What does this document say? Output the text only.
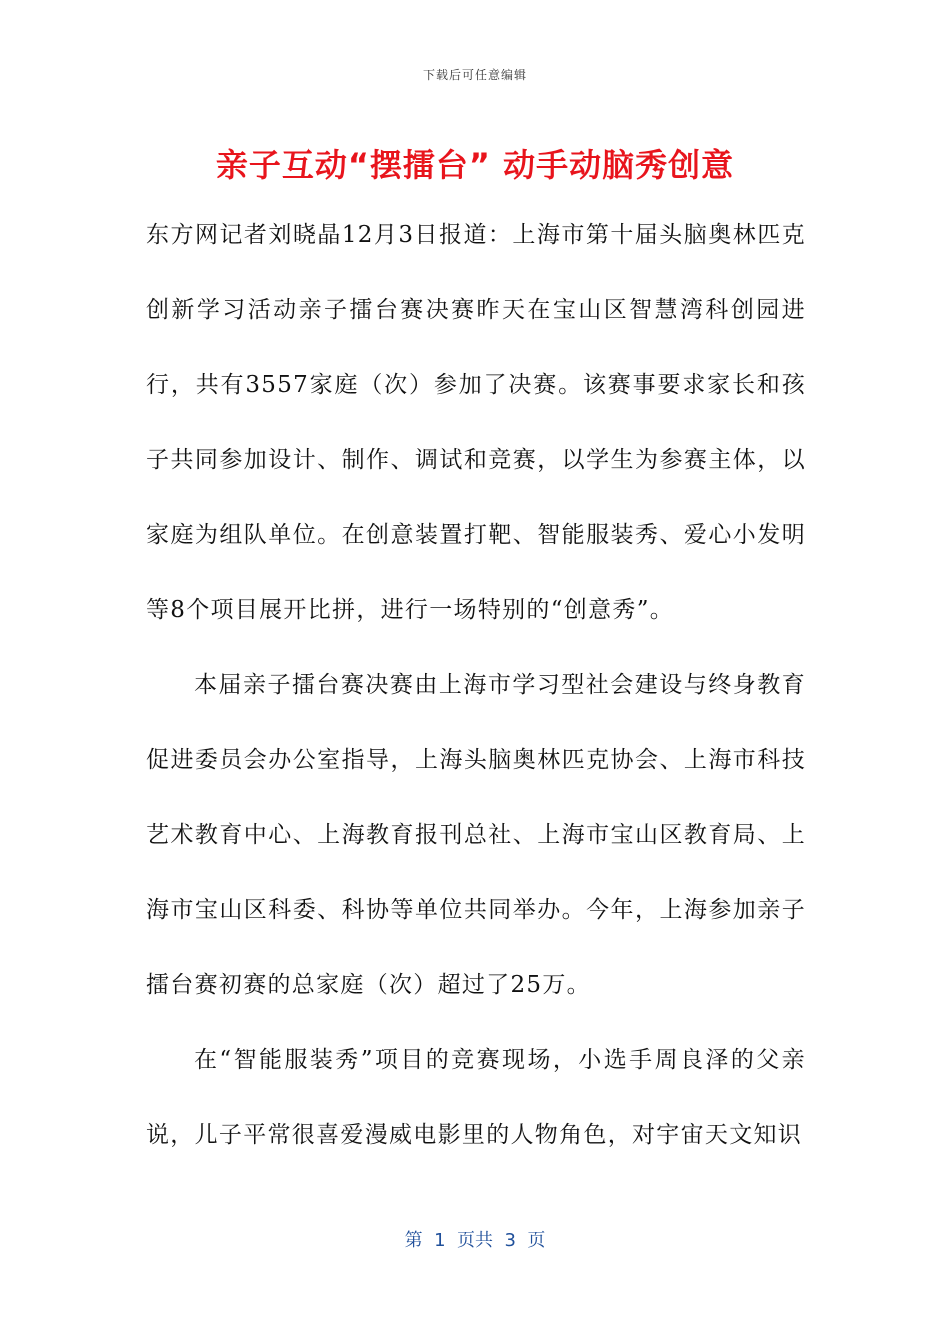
下载后可任意编辑
亲子互动“摆擂台” 动手动脑秀创意

东方网记者刘晓晶12月3日报道：上海市第十届头脑奥林匹克创新学习活动亲子擂台赛决赛昨天在宝山区智慧湾科创园进行，共有3557家庭（次）参加了决赛。该赛事要求家长和孩子共同参加设计、制作、调试和竞赛，以学生为参赛主体，以家庭为组队单位。在创意装置打靶、智能服装秀、爱心小发明等8个项目展开比拼，进行一场特别的“创意秀”。

本届亲子擂台赛决赛由上海市学习型社会建设与终身教育促进委员会办公室指导，上海头脑奥林匹克协会、上海市科技艺术教育中心、上海教育报刊总社、上海市宝山区教育局、上海市宝山区科委、科协等单位共同举办。今年，上海参加亲子擂台赛初赛的总家庭（次）超过了25万。

在“智能服装秀”项目的竞赛现场，小选手周良泽的父亲说，儿子平常很喜爱漫威电影里的人物角色，对宇宙天文知识

第  1  页共  3  页
